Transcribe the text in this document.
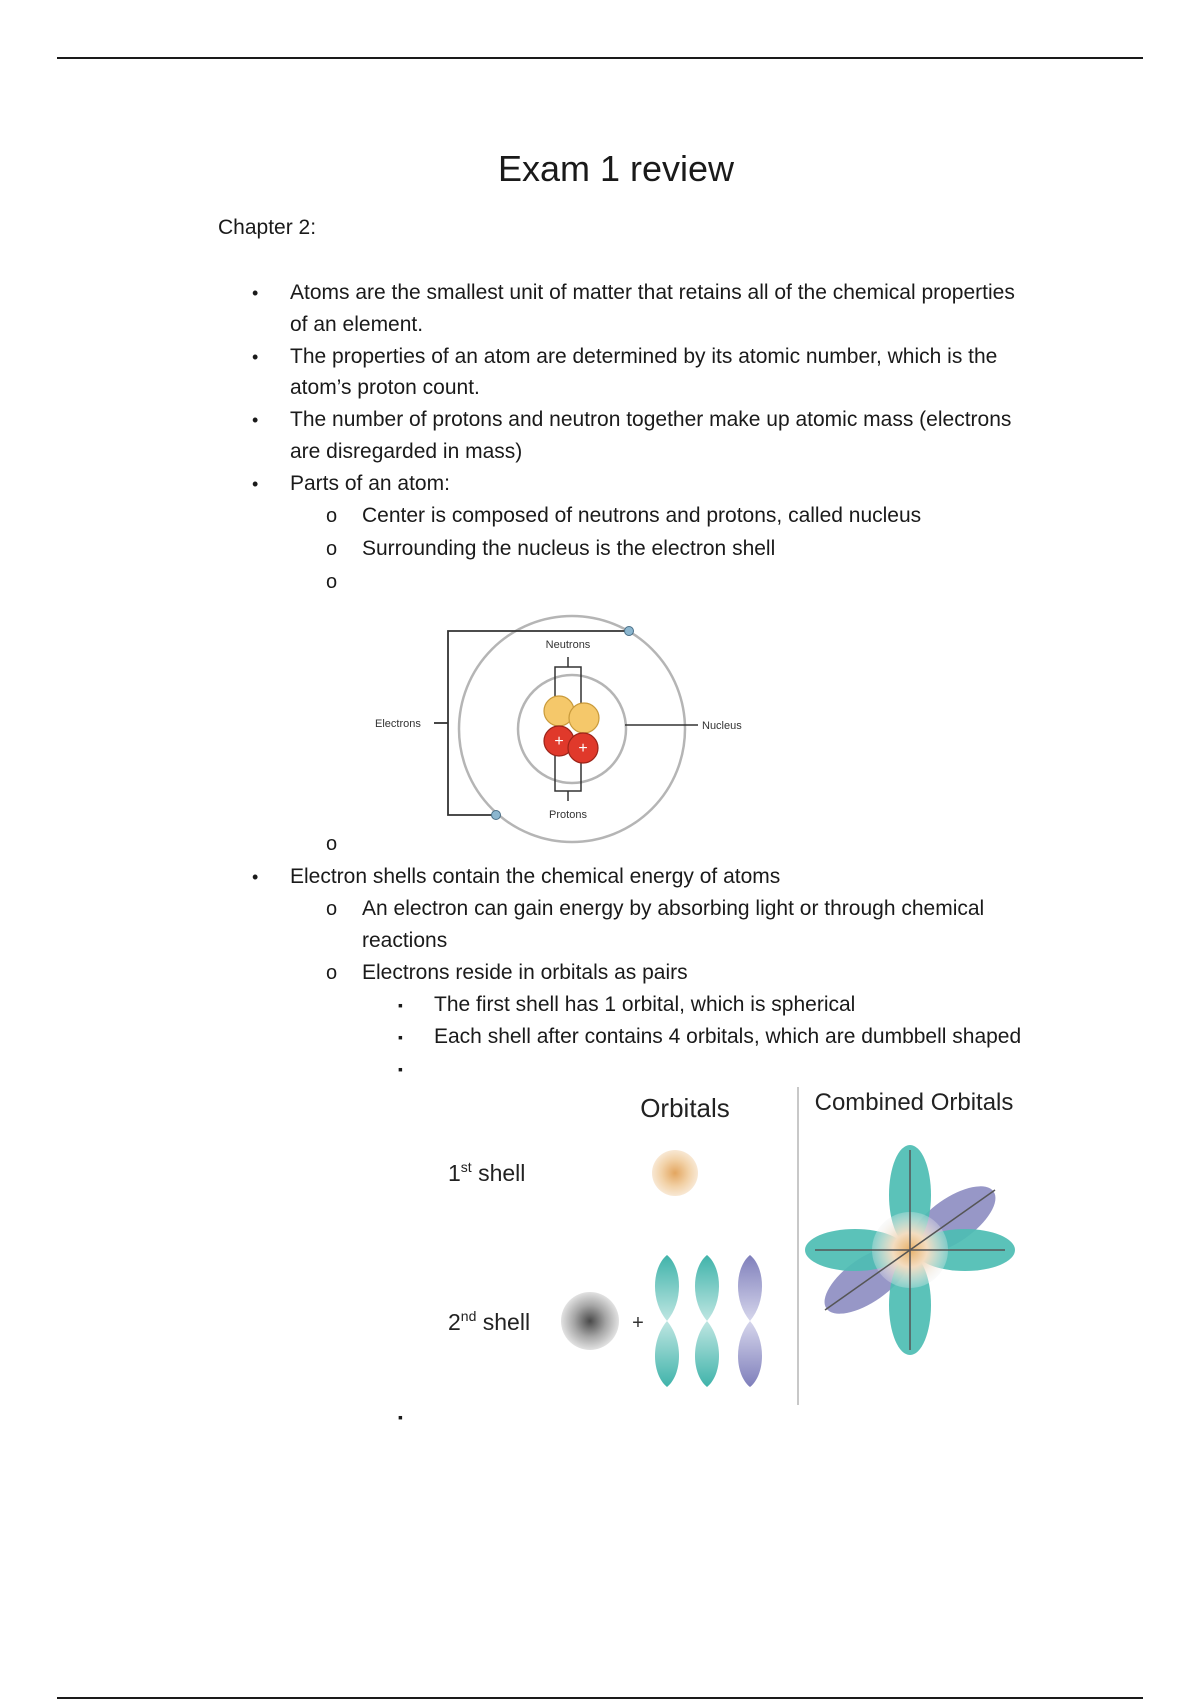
Exam 1 review
Chapter 2:
• Atoms are the smallest unit of matter that retains all of the chemical properties
of an element.
• The properties of an atom are determined by its atomic number, which is the
atom’s proton count.
• The number of protons and neutron together make up atomic mass (electrons
are disregarded in mass)
• Parts of an atom:
o Center is composed of neutrons and protons, called nucleus
o Surrounding the nucleus is the electron shell
o
+ +
Neutrons
Electrons	Nucleus
Protons
o
• Electron shells contain the chemical energy of atoms
o An electron can gain energy by absorbing light or through chemical
reactions
o Electrons reside in orbitals as pairs
▪ The first shell has 1 orbital, which is spherical
▪ Each shell after contains 4 orbitals, which are dumbbell shaped
▪
Orbitals	Combined Orbitals
1st shell
2nd shell	+
▪
